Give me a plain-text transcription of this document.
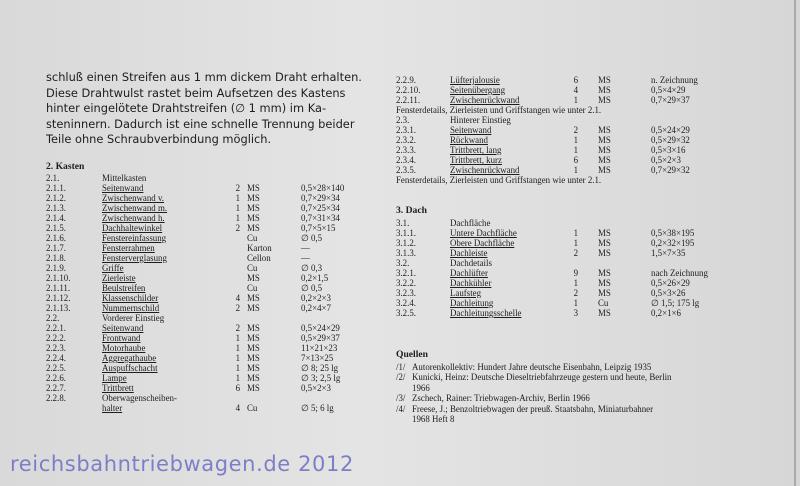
schluß einen Streifen aus 1 mm dickem Draht erhalten.
Diese Drahtwulst rastet beim Aufsetzen des Kastens
hinter eingelötete Drahtstreifen (∅ 1 mm) im Ka-
steninnern. Dadurch ist eine schnelle Trennung beider
Teile ohne Schraubverbindung möglich.
2. Kasten
2.1.	Mittelkasten
2.1.1.	Seitenwand	2 MS	0,5×28×140
2.1.2.	Zwischenwand v.	1 MS	0,7×29×34
2.1.3.	Zwischenwand m.	1 MS	0,7×25×34
2.1.4.	Zwischenwand h.	1 MS	0,7×31×34
2.1.5.	Dachhaltewinkel	2 MS	0,7×5×15
2.1.6.	Fenstereinfassung	Cu	∅ 0,5
2.1.7.	Fensterrahmen	Karton	—
2.1.8.	Fensterverglasung	Cellon	—
2.1.9.	Griffe	Cu	∅ 0,3
2.1.10.	Zierleiste	MS	0,2×1,5
2.1.11.	Beulstreifen	Cu	∅ 0,5
2.1.12.	Klassenschilder	4 MS	0,2×2×3
2.1.13.	Nummernschild	2 MS	0,2×4×7
2.2.	Vorderer Einstieg
2.2.1.	Seitenwand	2 MS	0,5×24×29
2.2.2.	Frontwand	1 MS	0,5×29×37
2.2.3.	Motorhaube	1 MS	11×21×23
2.2.4.	Aggregathaube	1 MS	7×13×25
2.2.5.	Auspuffschacht	1 MS	∅ 8; 25 lg
2.2.6.	Lampe	1 MS	∅ 3; 2,5 lg
2.2.7.	Trittbrett	6 MS	0,5×2×3
2.2.8.	Oberwagenscheiben-
halter	4 Cu	∅ 5; 6 lg
2.2.9.	Lüfterjalousie	6 MS	n. Zeichnung
2.2.10.	Seitenübergang	4 MS	0,5×4×29
2.2.11.	Zwischenrückwand	1 MS	0,7×29×37
Fensterdetails, Zierleisten und Griffstangen wie unter 2.1.
2.3.	Hinterer Einstieg
2.3.1.	Seitenwand	2 MS	0,5×24×29
2.3.2.	Rückwand	1 MS	0,5×29×32
2.3.3.	Trittbrett, lang	1 MS	0,5×3×16
2.3.4.	Trittbrett, kurz	6 MS	0,5×2×3
2.3.5.	Zwischenrückwand	1 MS	0,7×29×32
Fensterdetails, Zierleisten und Griffstangen wie unter 2.1.
3. Dach
3.1.	Dachfläche
3.1.1.	Untere Dachfläche	1 MS	0,5×38×195
3.1.2.	Obere Dachfläche	1 MS	0,2×32×195
3.1.3.	Dachleiste	2 MS	1,5×7×35
3.2.	Dachdetails
3.2.1.	Dachlüfter	9 MS	nach Zeichnung
3.2.2.	Dachkühler	1 MS	0,5×26×29
3.2.3.	Laufsteg	2 MS	0,5×3×26
3.2.4.	Dachleitung	1 Cu	∅ 1,5; 175 lg
3.2.5.	Dachleitungsschelle	3 MS	0,2×1×6
Quellen
/1/ Autorenkollektiv: Hundert Jahre deutsche Eisenbahn, Leipzig 1935
/2/ Kunicki, Heinz: Deutsche Dieseltriebfahrzeuge gestern und heute, Berlin
1966
/3/ Zschech, Rainer: Triebwagen-Archiv, Berlin 1966
/4/ Freese, J.; Benzoltriebwagen der preuß. Staatsbahn, Miniaturbahner
1968 Heft 8
reichsbahntriebwagen.de 2012
